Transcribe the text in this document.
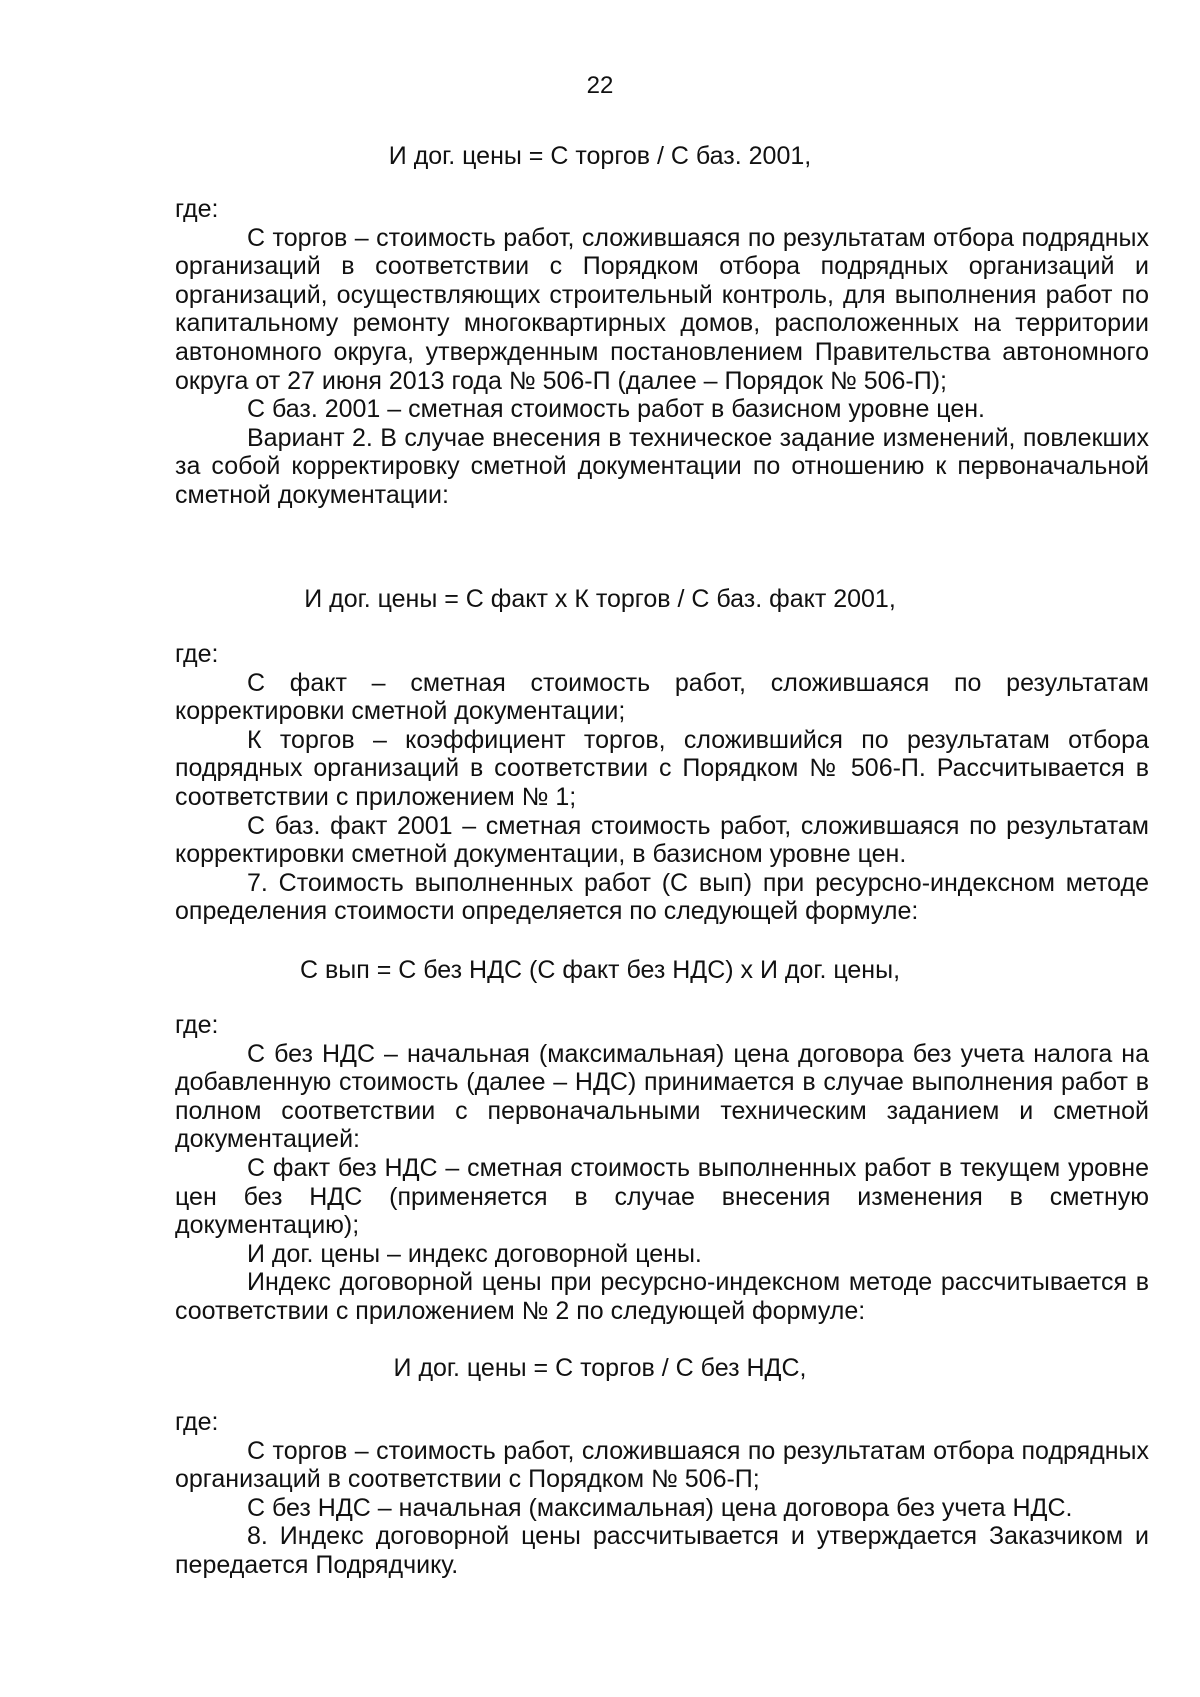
22
И дог. цены = С торгов / С баз. 2001,

где:

С торгов – стоимость работ, сложившаяся по результатам отбора подрядных организаций в соответствии с Порядком отбора подрядных организаций и организаций, осуществляющих строительный контроль, для выполнения работ по капитальному ремонту многоквартирных домов, расположенных на территории автономного округа, утвержденным постановлением Правительства автономного округа от 27 июня 2013 года № 506-П (далее – Порядок № 506-П);

С баз. 2001 – сметная стоимость работ в базисном уровне цен.

Вариант 2. В случае внесения в техническое задание изменений, повлекших за собой корректировку сметной документации по отношению к первоначальной сметной документации:

И дог. цены = С факт х К торгов / С баз. факт 2001,

где:

С факт – сметная стоимость работ, сложившаяся по результатам корректировки сметной документации;

К торгов – коэффициент торгов, сложившийся по результатам отбора подрядных организаций в соответствии с Порядком № 506-П. Рассчитывается в соответствии с приложением № 1;

С баз. факт 2001 – сметная стоимость работ, сложившаяся по результатам корректировки сметной документации, в базисном уровне цен.

7. Стоимость выполненных работ (С вып) при ресурсно-индексном методе определения стоимости определяется по следующей формуле:

С вып = С без НДС (С факт без НДС) х И дог. цены,

где:

С без НДС – начальная (максимальная) цена договора без учета налога на добавленную стоимость (далее – НДС) принимается в случае выполнения работ в полном соответствии с первоначальными техническим заданием и сметной документацией:

С факт без НДС – сметная стоимость выполненных работ в текущем уровне цен без НДС (применяется в случае внесения изменения в сметную документацию);

И дог. цены – индекс договорной цены.

Индекс договорной цены при ресурсно-индексном методе рассчитывается в соответствии с приложением № 2 по следующей формуле:

И дог. цены = С торгов / С без НДС,

где:

С торгов – стоимость работ, сложившаяся по результатам отбора подрядных организаций в соответствии с Порядком № 506-П;

С без НДС – начальная (максимальная) цена договора без учета НДС.

8. Индекс договорной цены рассчитывается и утверждается Заказчиком и передается Подрядчику.
